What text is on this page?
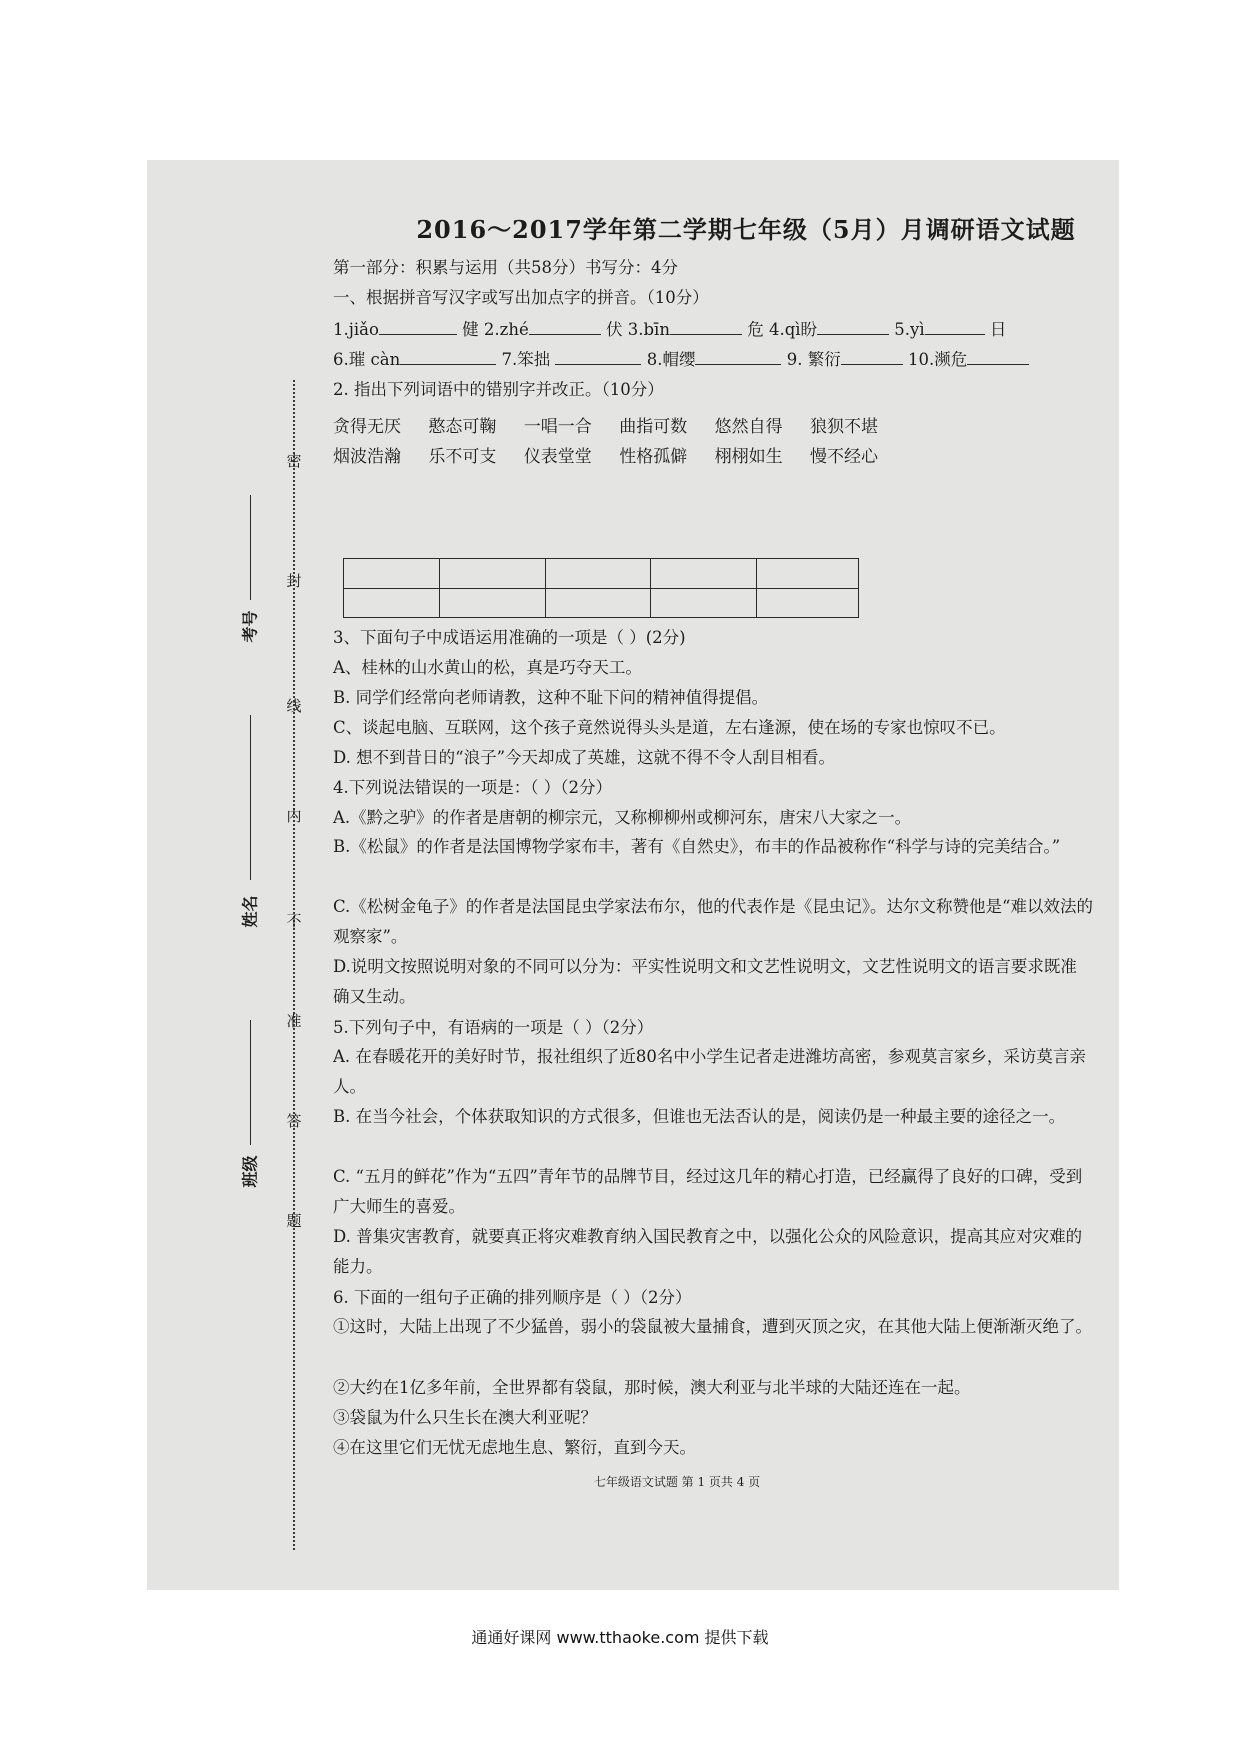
2016～2017学年第二学期七年级（5月）月调研语文试题
第一部分：积累与运用（共58分）书写分：4分
一、根据拼音写汉字或写出加点字的拼音。（10分）
1.jiǎo	健 2.zhé	伏 3.bīn	危 4.qì盼	5.yì	日
6.璀 càn	7.笨拙	8.帽缨	9. 繁衍	10.濒危
2. 指出下列词语中的错别字并改正。（10分）
贪得无厌 憨态可鞠 一唱一合 曲指可数 悠然自得 狼狈不堪
烟波浩瀚 乐不可支 仪表堂堂 性格孤僻 栩栩如生 慢不经心

3、下面句子中成语运用准确的一项是（ ）(2分)
A、桂林的山水黄山的松，真是巧夺天工。
B. 同学们经常向老师请教，这种不耻下问的精神值得提倡。
C、谈起电脑、互联网，这个孩子竟然说得头头是道，左右逢源，使在场的专家也惊叹不已。
D. 想不到昔日的“浪子”今天却成了英雄，这就不得不令人刮目相看。
4.下列说法错误的一项是：（ ）（2分）
A.《黔之驴》的作者是唐朝的柳宗元，又称柳柳州或柳河东，唐宋八大家之一。
B.《松鼠》的作者是法国博物学家布丰，著有《自然史》，布丰的作品被称作“科学与诗的完美结合。”
C.《松树金龟子》的作者是法国昆虫学家法布尔，他的代表作是《昆虫记》。达尔文称赞他是“难以效法的观察家”。
D.说明文按照说明对象的不同可以分为：平实性说明文和文艺性说明文，文艺性说明文的语言要求既准确又生动。
5.下列句子中，有语病的一项是（ ）（2分）
A. 在春暖花开的美好时节，报社组织了近80名中小学生记者走进潍坊高密，参观莫言家乡，采访莫言亲人。
B. 在当今社会，个体获取知识的方式很多，但谁也无法否认的是，阅读仍是一种最主要的途径之一。
C. “五月的鲜花”作为“五四”青年节的品牌节目，经过这几年的精心打造，已经赢得了良好的口碑，受到广大师生的喜爱。
D. 普集灾害教育，就要真正将灾难教育纳入国民教育之中，以强化公众的风险意识，提高其应对灾难的能力。
6. 下面的一组句子正确的排列顺序是（ ）（2分）
①这时，大陆上出现了不少猛兽，弱小的袋鼠被大量捕食，遭到灭顶之灾，在其他大陆上便渐渐灭绝了。
②大约在1亿多年前，全世界都有袋鼠，那时候，澳大利亚与北半球的大陆还连在一起。
③袋鼠为什么只生长在澳大利亚呢？
④在这里它们无忧无虑地生息、繁衍，直到今天。
七年级语文试题 第 1 页共 4 页
密
封
线
内
不
准
答
题
考号
姓名
班级
通通好课网 www.tthaoke.com 提供下载
